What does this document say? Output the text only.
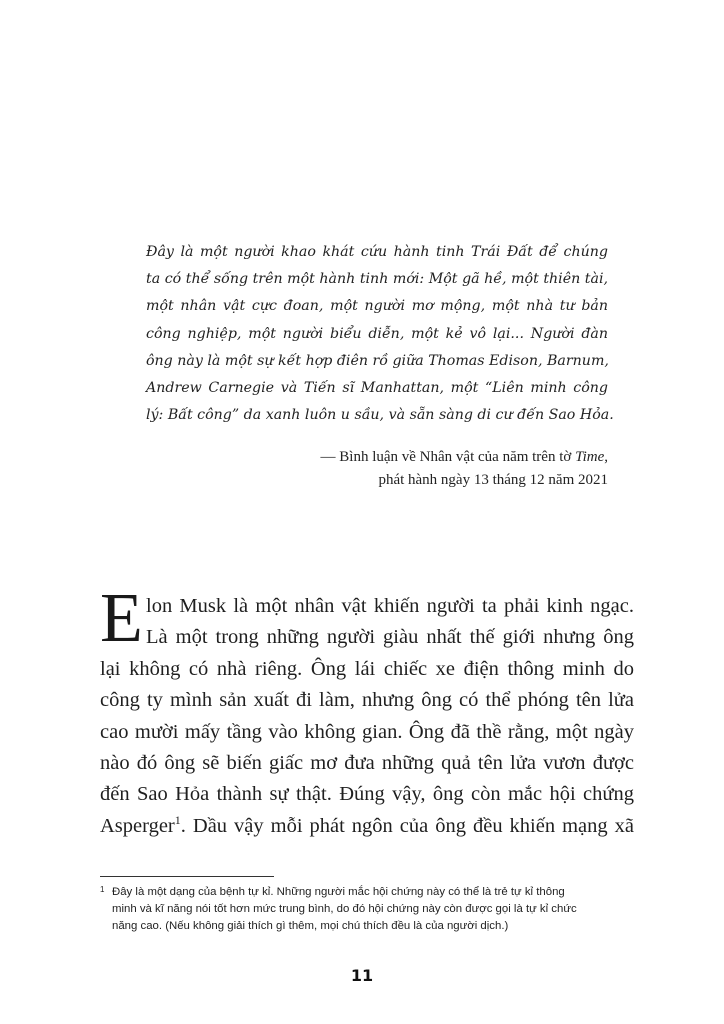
Đây là một người khao khát cứu hành tinh Trái Đất để chúng
ta có thể sống trên một hành tinh mới: Một gã hề, một thiên tài,
một nhân vật cực đoan, một người mơ mộng, một nhà tư bản
công nghiệp, một người biểu diễn, một kẻ vô lại... Người đàn
ông này là một sự kết hợp điên rồ giữa Thomas Edison, Barnum,
Andrew Carnegie và Tiến sĩ Manhattan, một “Liên minh công
lý: Bất công” da xanh luôn u sầu, và sẵn sàng di cư đến Sao Hỏa.
— Bình luận về Nhân vật của năm trên tờ Time,
phát hành ngày 13 tháng 12 năm 2021
E lon Musk là một nhân vật khiến người ta phải kinh ngạc.
Là một trong những người giàu nhất thế giới nhưng ông
lại không có nhà riêng. Ông lái chiếc xe điện thông minh do
công ty mình sản xuất đi làm, nhưng ông có thể phóng tên lửa
cao mười mấy tầng vào không gian. Ông đã thề rằng, một ngày
nào đó ông sẽ biến giấc mơ đưa những quả tên lửa vươn được
đến Sao Hỏa thành sự thật. Đúng vậy, ông còn mắc hội chứng
Asperger$^1$. Dầu vậy mỗi phát ngôn của ông đều khiến mạng xã
1 Đây là một dạng của bệnh tự kỉ. Những người mắc hội chứng này có thể là trẻ tự kỉ thông
minh và kĩ năng nói tốt hơn mức trung bình, do đó hội chứng này còn được gọi là tự kỉ chức
năng cao. (Nếu không giải thích gì thêm, mọi chú thích đều là của người dịch.)
11
